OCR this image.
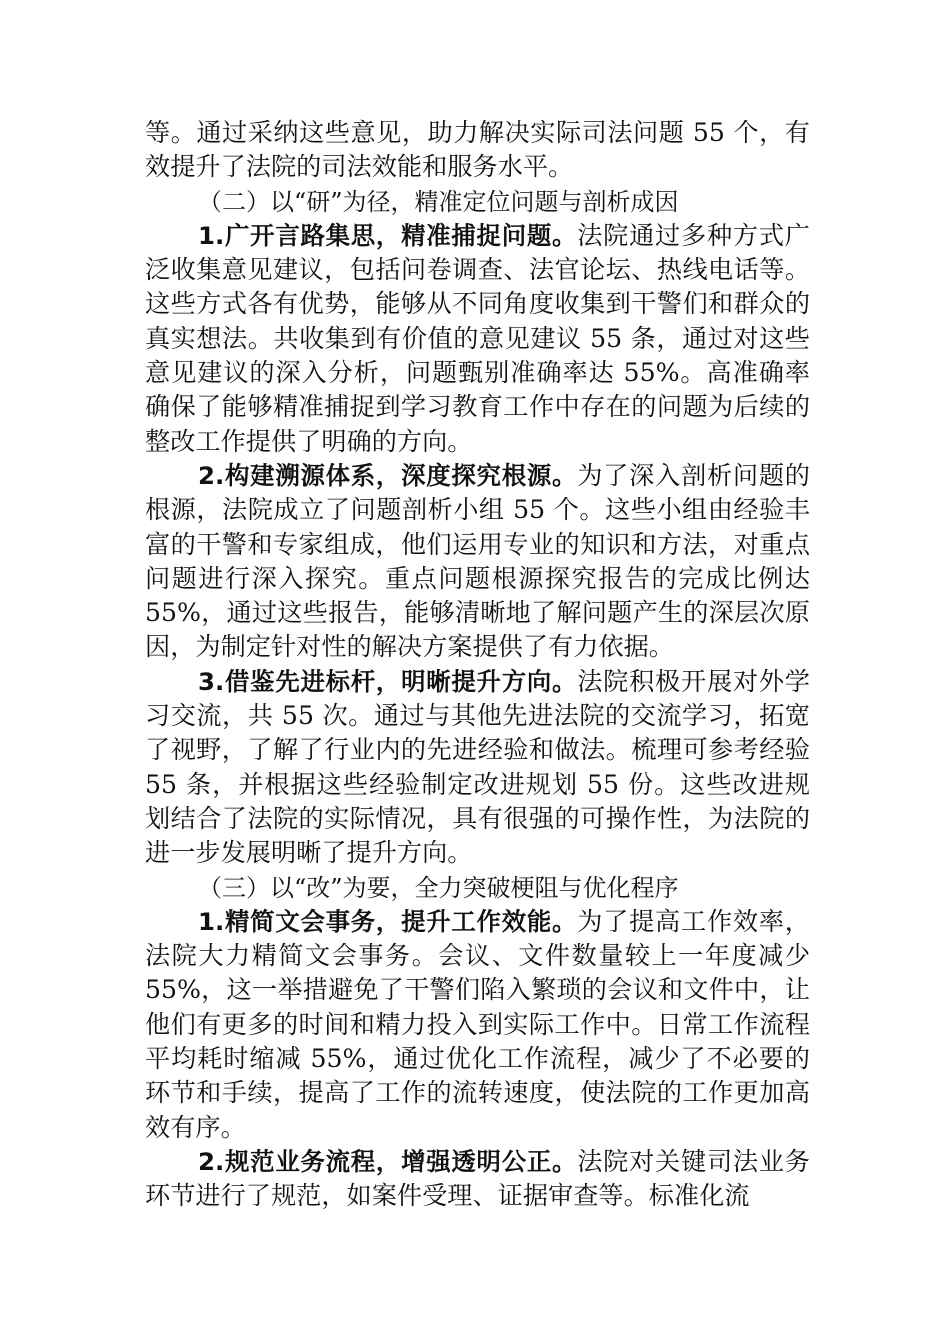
等。通过采纳这些意见，助力解决实际司法问题 55 个，有效提升了法院的司法效能和服务水平。

（二）以“研”为径，精准定位问题与剖析成因

1.广开言路集思，精准捕捉问题。法院通过多种方式广泛收集意见建议，包括问卷调查、法官论坛、热线电话等。这些方式各有优势，能够从不同角度收集到干警们和群众的真实想法。共收集到有价值的意见建议 55 条，通过对这些意见建议的深入分析，问题甄别准确率达 55%。高准确率确保了能够精准捕捉到学习教育工作中存在的问题为后续的整改工作提供了明确的方向。

2.构建溯源体系，深度探究根源。为了深入剖析问题的根源，法院成立了问题剖析小组 55 个。这些小组由经验丰富的干警和专家组成，他们运用专业的知识和方法，对重点问题进行深入探究。重点问题根源探究报告的完成比例达 55%，通过这些报告，能够清晰地了解问题产生的深层次原因，为制定针对性的解决方案提供了有力依据。

3.借鉴先进标杆，明晰提升方向。法院积极开展对外学习交流，共 55 次。通过与其他先进法院的交流学习，拓宽了视野，了解了行业内的先进经验和做法。梳理可参考经验 55 条，并根据这些经验制定改进规划 55 份。这些改进规划结合了法院的实际情况，具有很强的可操作性，为法院的进一步发展明晰了提升方向。

（三）以“改”为要，全力突破梗阻与优化程序

1.精简文会事务，提升工作效能。为了提高工作效率，法院大力精简文会事务。会议、文件数量较上一年度减少 55%，这一举措避免了干警们陷入繁琐的会议和文件中，让他们有更多的时间和精力投入到实际工作中。日常工作流程平均耗时缩减 55%，通过优化工作流程，减少了不必要的环节和手续，提高了工作的流转速度，使法院的工作更加高效有序。

2.规范业务流程，增强透明公正。法院对关键司法业务环节进行了规范，如案件受理、证据审查等。标准化流
